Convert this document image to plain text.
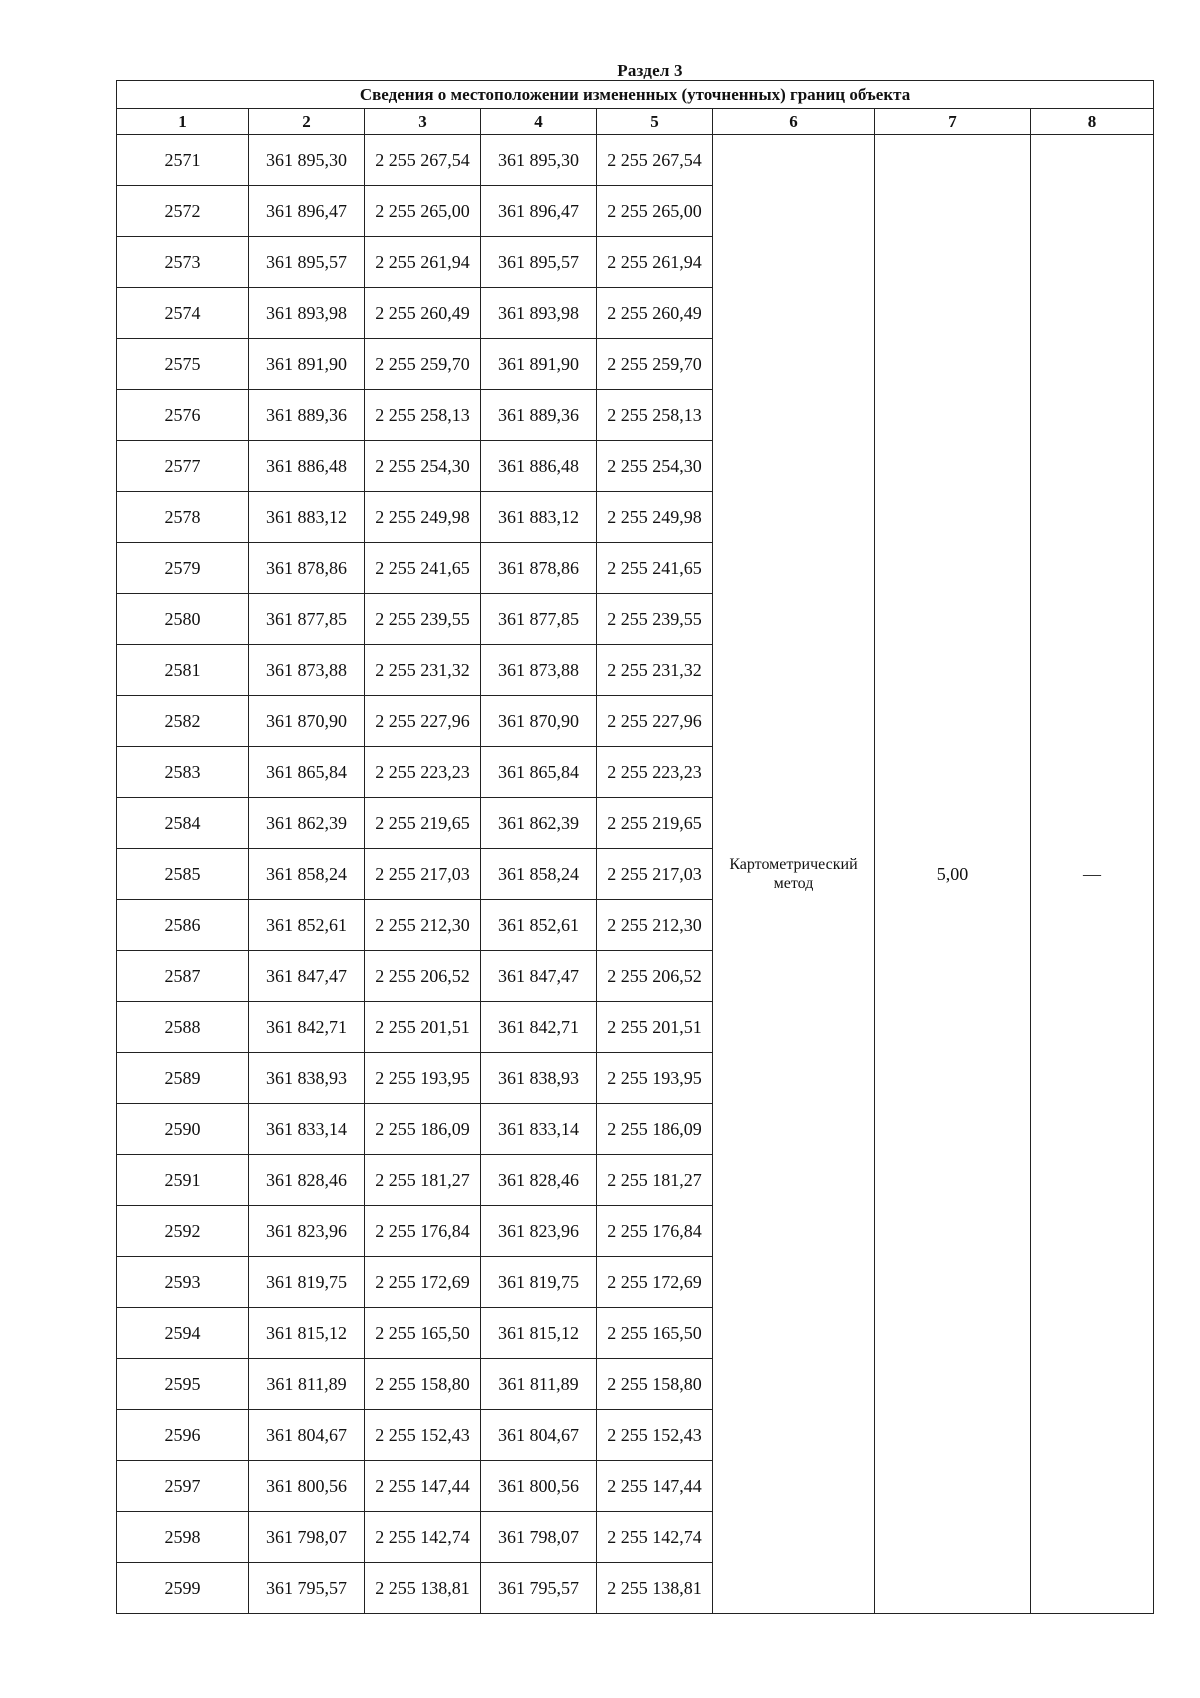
Раздел 3
Сведения о местоположении измененных (уточненных) границ объекта							
1	2	3	4	5	6	7	8
2571	361 895,30	2 255 267,54	361 895,30	2 255 267,54	Картометрический
метод	5,00	—
2572	361 896,47	2 255 265,00	361 896,47	2 255 265,00			
2573	361 895,57	2 255 261,94	361 895,57	2 255 261,94			
2574	361 893,98	2 255 260,49	361 893,98	2 255 260,49			
2575	361 891,90	2 255 259,70	361 891,90	2 255 259,70			
2576	361 889,36	2 255 258,13	361 889,36	2 255 258,13			
2577	361 886,48	2 255 254,30	361 886,48	2 255 254,30			
2578	361 883,12	2 255 249,98	361 883,12	2 255 249,98			
2579	361 878,86	2 255 241,65	361 878,86	2 255 241,65			
2580	361 877,85	2 255 239,55	361 877,85	2 255 239,55			
2581	361 873,88	2 255 231,32	361 873,88	2 255 231,32			
2582	361 870,90	2 255 227,96	361 870,90	2 255 227,96			
2583	361 865,84	2 255 223,23	361 865,84	2 255 223,23			
2584	361 862,39	2 255 219,65	361 862,39	2 255 219,65			
2585	361 858,24	2 255 217,03	361 858,24	2 255 217,03			
2586	361 852,61	2 255 212,30	361 852,61	2 255 212,30			
2587	361 847,47	2 255 206,52	361 847,47	2 255 206,52			
2588	361 842,71	2 255 201,51	361 842,71	2 255 201,51			
2589	361 838,93	2 255 193,95	361 838,93	2 255 193,95			
2590	361 833,14	2 255 186,09	361 833,14	2 255 186,09			
2591	361 828,46	2 255 181,27	361 828,46	2 255 181,27			
2592	361 823,96	2 255 176,84	361 823,96	2 255 176,84			
2593	361 819,75	2 255 172,69	361 819,75	2 255 172,69			
2594	361 815,12	2 255 165,50	361 815,12	2 255 165,50			
2595	361 811,89	2 255 158,80	361 811,89	2 255 158,80			
2596	361 804,67	2 255 152,43	361 804,67	2 255 152,43			
2597	361 800,56	2 255 147,44	361 800,56	2 255 147,44			
2598	361 798,07	2 255 142,74	361 798,07	2 255 142,74			
2599	361 795,57	2 255 138,81	361 795,57	2 255 138,81			
